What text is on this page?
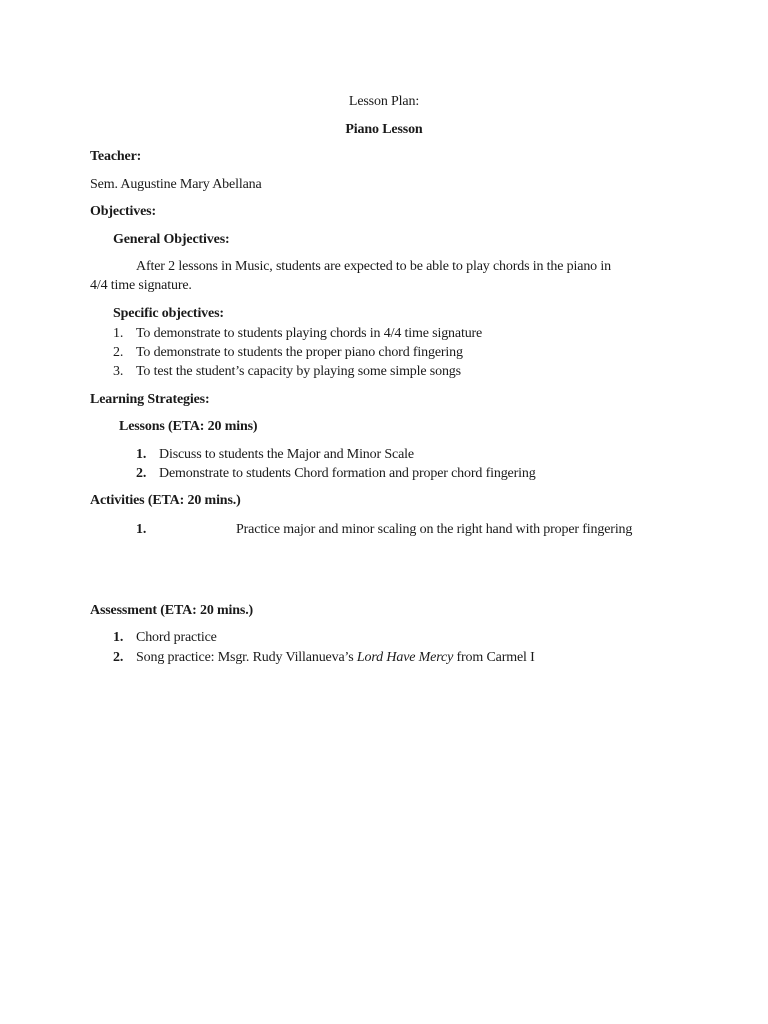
Lesson Plan:
Piano Lesson
Teacher:
Sem. Augustine Mary Abellana
Objectives:
General Objectives:
After 2 lessons in Music, students are expected to be able to play chords in the piano in
4/4 time signature.
Specific objectives:
1. To demonstrate to students playing chords in 4/4 time signature
2. To demonstrate to students the proper piano chord fingering
3. To test the student’s capacity by playing some simple songs
Learning Strategies:
Lessons (ETA: 20 mins)
1. Discuss to students the Major and Minor Scale
2. Demonstrate to students Chord formation and proper chord fingering
Activities (ETA: 20 mins.)
1.	Practice major and minor scaling on the right hand with proper fingering
Assessment (ETA: 20 mins.)
1. Chord practice
2. Song practice: Msgr. Rudy Villanueva’s Lord Have Mercy from Carmel I
